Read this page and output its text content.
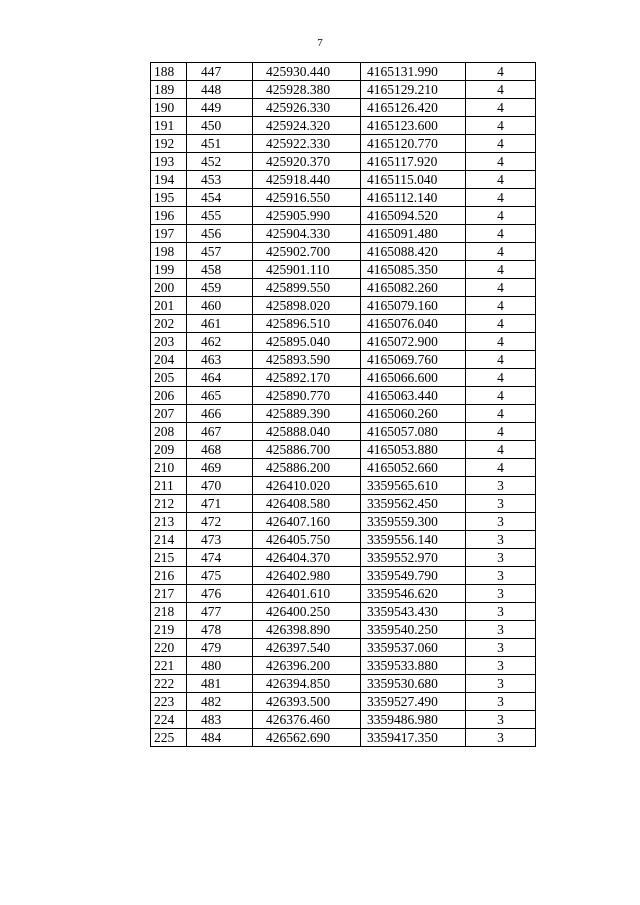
7
188	447	425930.440	4165131.990	4
189	448	425928.380	4165129.210	4
190	449	425926.330	4165126.420	4
191	450	425924.320	4165123.600	4
192	451	425922.330	4165120.770	4
193	452	425920.370	4165117.920	4
194	453	425918.440	4165115.040	4
195	454	425916.550	4165112.140	4
196	455	425905.990	4165094.520	4
197	456	425904.330	4165091.480	4
198	457	425902.700	4165088.420	4
199	458	425901.110	4165085.350	4
200	459	425899.550	4165082.260	4
201	460	425898.020	4165079.160	4
202	461	425896.510	4165076.040	4
203	462	425895.040	4165072.900	4
204	463	425893.590	4165069.760	4
205	464	425892.170	4165066.600	4
206	465	425890.770	4165063.440	4
207	466	425889.390	4165060.260	4
208	467	425888.040	4165057.080	4
209	468	425886.700	4165053.880	4
210	469	425886.200	4165052.660	4
211	470	426410.020	3359565.610	3
212	471	426408.580	3359562.450	3
213	472	426407.160	3359559.300	3
214	473	426405.750	3359556.140	3
215	474	426404.370	3359552.970	3
216	475	426402.980	3359549.790	3
217	476	426401.610	3359546.620	3
218	477	426400.250	3359543.430	3
219	478	426398.890	3359540.250	3
220	479	426397.540	3359537.060	3
221	480	426396.200	3359533.880	3
222	481	426394.850	3359530.680	3
223	482	426393.500	3359527.490	3
224	483	426376.460	3359486.980	3
225	484	426562.690	3359417.350	3
